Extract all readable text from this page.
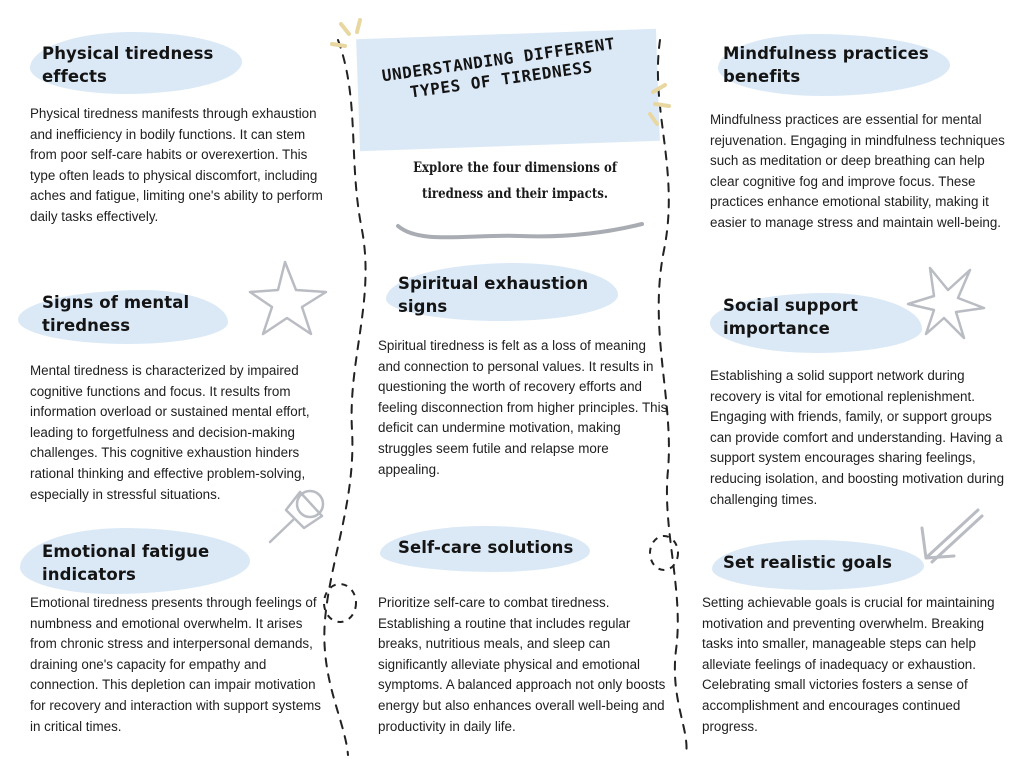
UNDERSTANDING DIFFERENT TYPES OF TIREDNESS

Explore the four dimensions of tiredness and their impacts.

Physical tiredness effects

Physical tiredness manifests through exhaustion and inefficiency in bodily functions. It can stem from poor self-care habits or overexertion. This type often leads to physical discomfort, including aches and fatigue, limiting one's ability to perform daily tasks effectively.

Signs of mental tiredness

Mental tiredness is characterized by impaired cognitive functions and focus. It results from information overload or sustained mental effort, leading to forgetfulness and decision-making challenges. This cognitive exhaustion hinders rational thinking and effective problem-solving, especially in stressful situations.

Emotional fatigue indicators

Emotional tiredness presents through feelings of numbness and emotional overwhelm. It arises from chronic stress and interpersonal demands, draining one's capacity for empathy and connection. This depletion can impair motivation for recovery and interaction with support systems in critical times.

Spiritual exhaustion signs

Spiritual tiredness is felt as a loss of meaning and connection to personal values. It results in questioning the worth of recovery efforts and feeling disconnection from higher principles. This deficit can undermine motivation, making struggles seem futile and relapse more appealing.

Self-care solutions

Prioritize self-care to combat tiredness. Establishing a routine that includes regular breaks, nutritious meals, and sleep can significantly alleviate physical and emotional symptoms. A balanced approach not only boosts energy but also enhances overall well-being and productivity in daily life.

Mindfulness practices benefits

Mindfulness practices are essential for mental rejuvenation. Engaging in mindfulness techniques such as meditation or deep breathing can help clear cognitive fog and improve focus. These practices enhance emotional stability, making it easier to manage stress and maintain well-being.

Social support importance

Establishing a solid support network during recovery is vital for emotional replenishment. Engaging with friends, family, or support groups can provide comfort and understanding. Having a support system encourages sharing feelings, reducing isolation, and boosting motivation during challenging times.

Set realistic goals

Setting achievable goals is crucial for maintaining motivation and preventing overwhelm. Breaking tasks into smaller, manageable steps can help alleviate feelings of inadequacy or exhaustion. Celebrating small victories fosters a sense of accomplishment and encourages continued progress.
